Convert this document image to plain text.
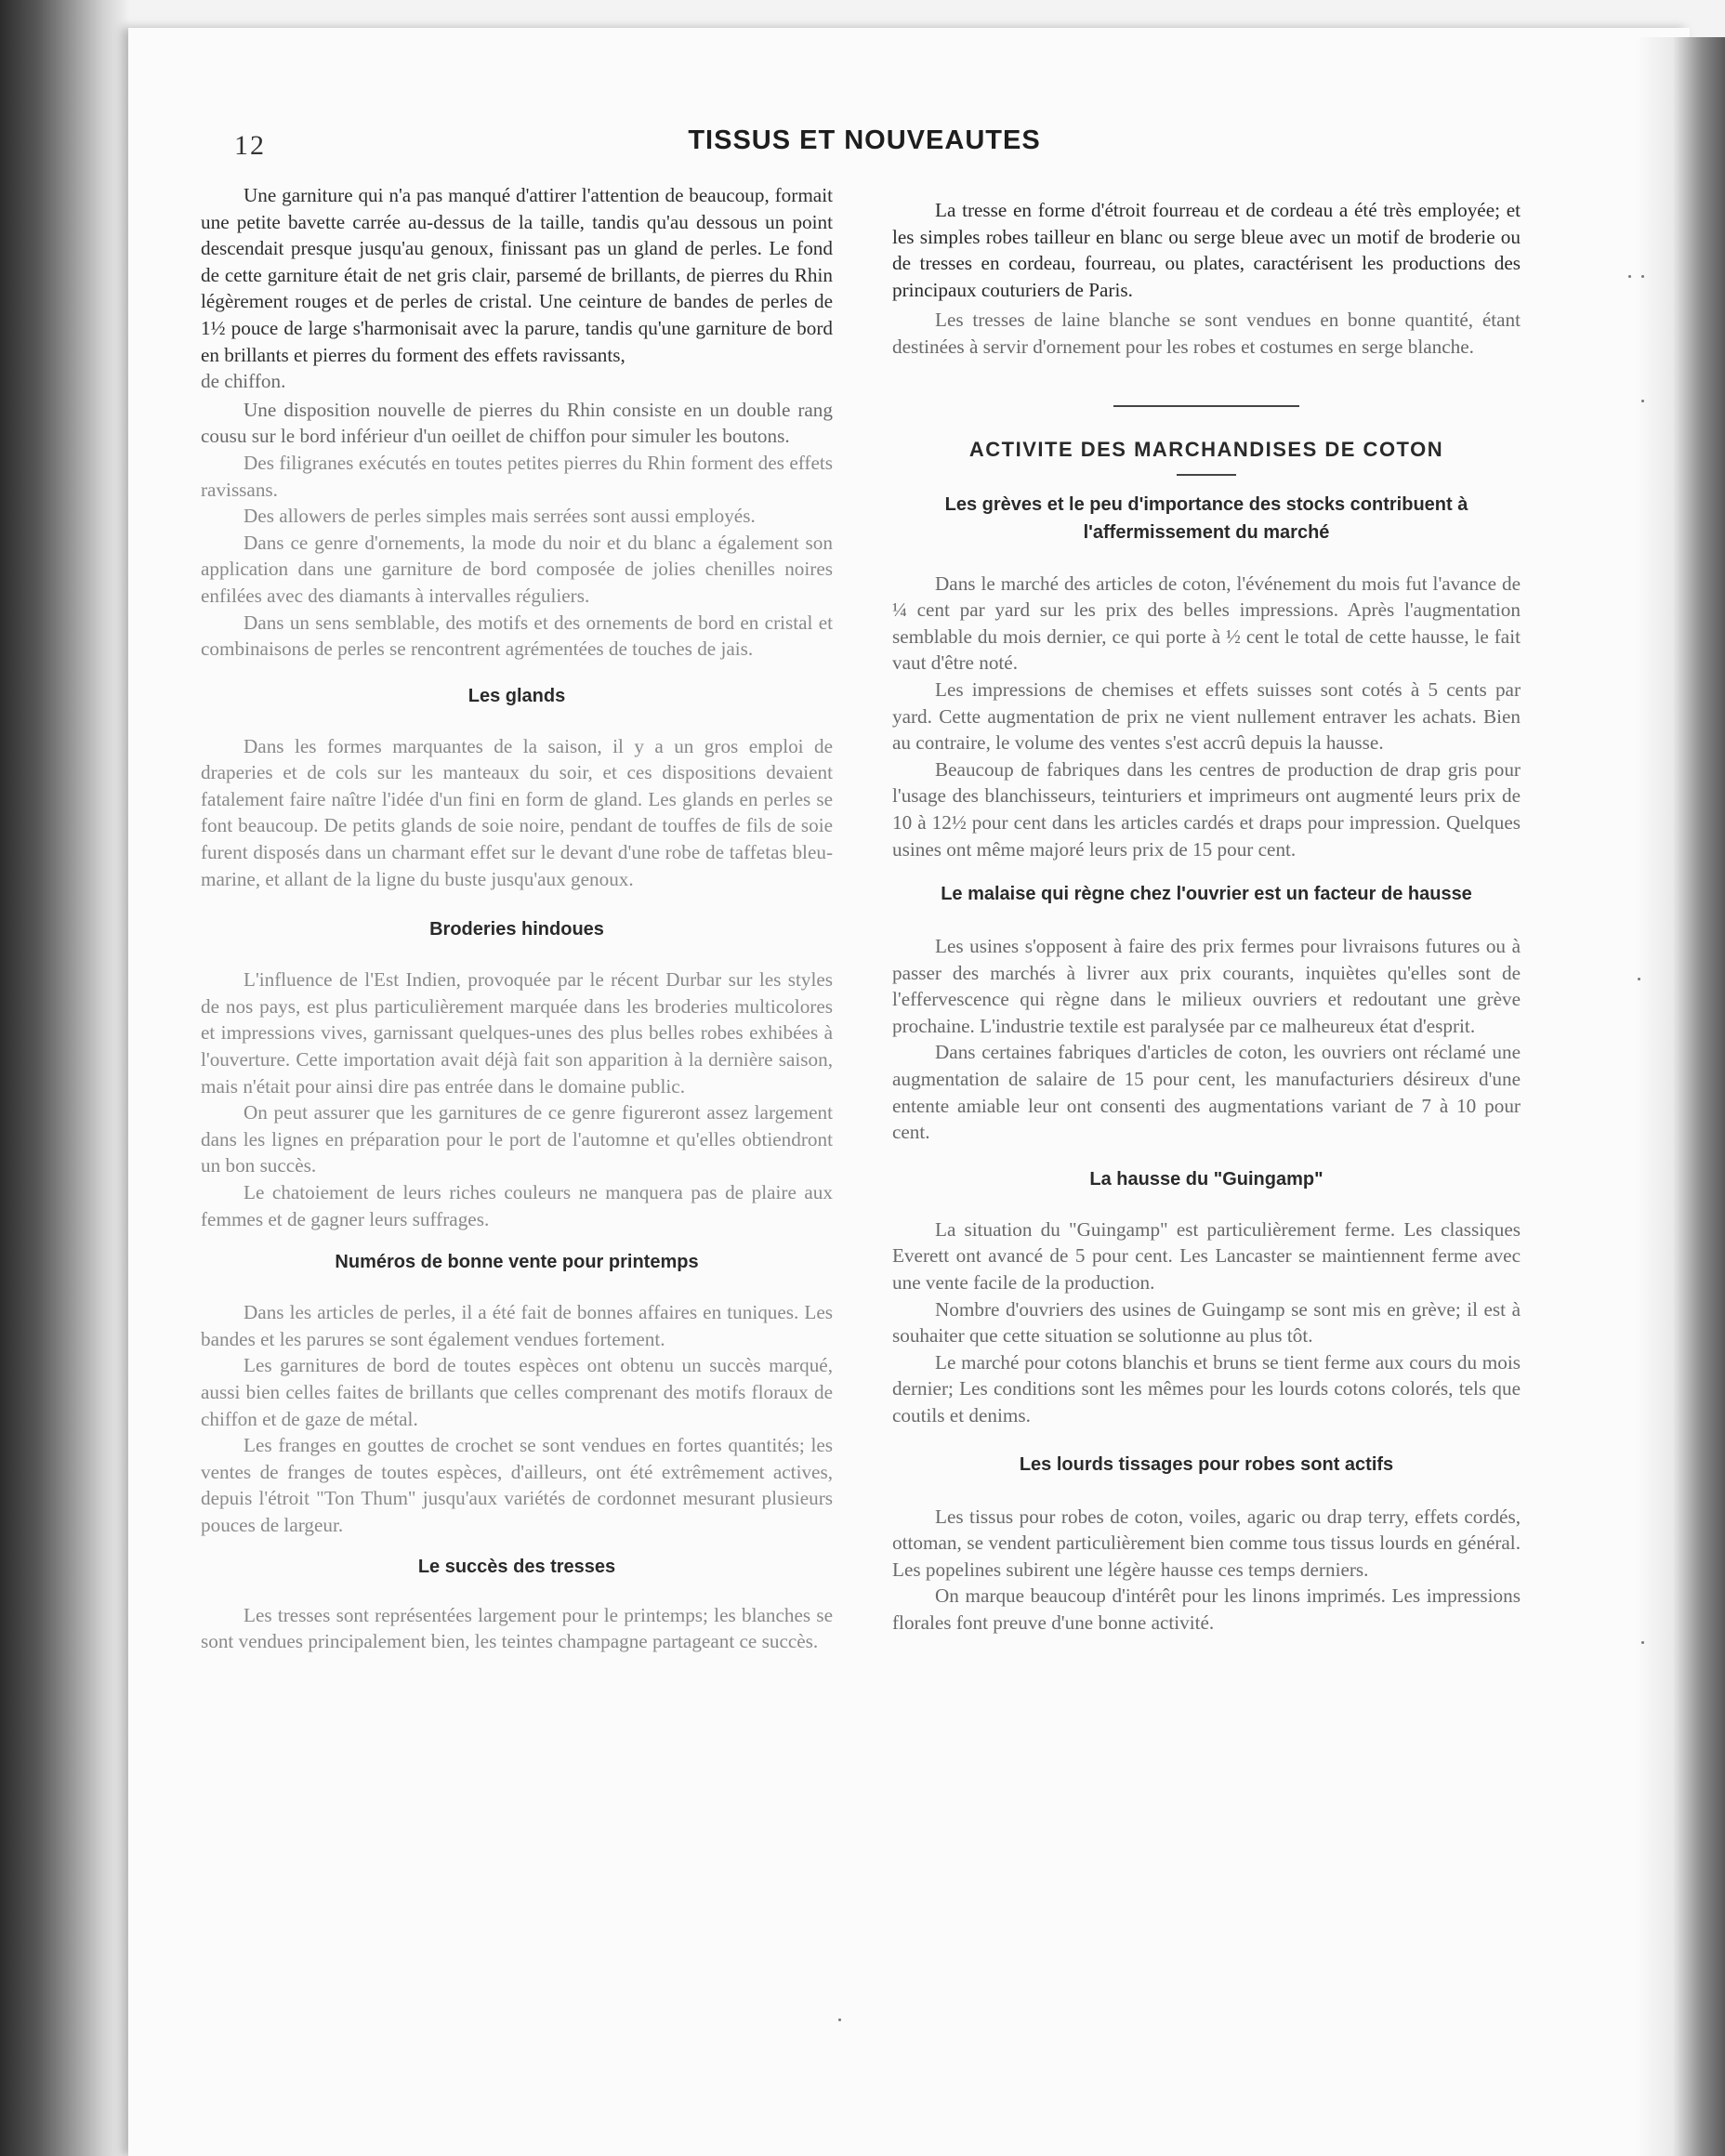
12	TISSUS ET NOUVEAUTES

Une garniture qui n'a pas manqué d'attirer l'attention de beaucoup, formait une petite bavette carrée au-dessus de la taille, tandis qu'au dessous un point descendait presque jusqu'au genoux, finissant pas un gland de perles. Le fond de cette garniture était de net gris clair, parsemé de brillants, de pierres du Rhin légèrement rouges et de perles de cristal. Une ceinture de bandes de perles de 1½ pouce de large s'harmonisait avec la parure, tandis qu'une garniture de bord en brillants et pierres du forment des effets ravissants,

de chiffon.

Une disposition nouvelle de pierres du Rhin consiste en un double rang cousu sur le bord inférieur d'un oeillet de chiffon pour simuler les boutons.

Des filigranes exécutés en toutes petites pierres du Rhin forment des effets ravissans.

Des allowers de perles simples mais serrées sont aussi employés.

Dans ce genre d'ornements, la mode du noir et du blanc a également son application dans une garniture de bord composée de jolies chenilles noires enfilées avec des diamants à intervalles réguliers.

Dans un sens semblable, des motifs et des ornements de bord en cristal et combinaisons de perles se rencontrent agrémentées de touches de jais.

Les glands

Dans les formes marquantes de la saison, il y a un gros emploi de draperies et de cols sur les manteaux du soir, et ces dispositions devaient fatalement faire naître l'idée d'un fini en form de gland. Les glands en perles se font beaucoup. De petits glands de soie noire, pendant de touffes de fils de soie furent disposés dans un charmant effet sur le devant d'une robe de taffetas bleu-marine, et allant de la ligne du buste jusqu'aux genoux.

Broderies hindoues

L'influence de l'Est Indien, provoquée par le récent Durbar sur les styles de nos pays, est plus particulièrement marquée dans les broderies multicolores et impressions vives, garnissant quelques-unes des plus belles robes exhibées à l'ouverture. Cette importation avait déjà fait son apparition à la dernière saison, mais n'était pour ainsi dire pas entrée dans le domaine public.

On peut assurer que les garnitures de ce genre figureront assez largement dans les lignes en préparation pour le port de l'automne et qu'elles obtiendront un bon succès.

Le chatoiement de leurs riches couleurs ne manquera pas de plaire aux femmes et de gagner leurs suffrages.

Numéros de bonne vente pour printemps

Dans les articles de perles, il a été fait de bonnes affaires en tuniques. Les bandes et les parures se sont également vendues fortement.

Les garnitures de bord de toutes espèces ont obtenu un succès marqué, aussi bien celles faites de brillants que celles comprenant des motifs floraux de chiffon et de gaze de métal.

Les franges en gouttes de crochet se sont vendues en fortes quantités; les ventes de franges de toutes espèces, d'ailleurs, ont été extrêmement actives, depuis l'étroit "Ton Thum" jusqu'aux variétés de cordonnet mesurant plusieurs pouces de largeur.

Le succès des tresses

Les tresses sont représentées largement pour le printemps; les blanches se sont vendues principalement bien, les teintes champagne partageant ce succès.

La tresse en forme d'étroit fourreau et de cordeau a été très employée; et les simples robes tailleur en blanc ou serge bleue avec un motif de broderie ou de tresses en cordeau, fourreau, ou plates, caractérisent les productions des principaux couturiers de Paris.

Les tresses de laine blanche se sont vendues en bonne quantité, étant destinées à servir d'ornement pour les robes et costumes en serge blanche.

ACTIVITE DES MARCHANDISES DE COTON
Les grèves et le peu d'importance des stocks contribuent à l'affermissement du marché

Dans le marché des articles de coton, l'événement du mois fut l'avance de ¼ cent par yard sur les prix des belles impressions. Après l'augmentation semblable du mois dernier, ce qui porte à ½ cent le total de cette hausse, le fait vaut d'être noté.

Les impressions de chemises et effets suisses sont cotés à 5 cents par yard. Cette augmentation de prix ne vient nullement entraver les achats. Bien au contraire, le volume des ventes s'est accrû depuis la hausse.

Beaucoup de fabriques dans les centres de production de drap gris pour l'usage des blanchisseurs, teinturiers et imprimeurs ont augmenté leurs prix de 10 à 12½ pour cent dans les articles cardés et draps pour impression. Quelques usines ont même majoré leurs prix de 15 pour cent.

Le malaise qui règne chez l'ouvrier est un facteur de hausse

Les usines s'opposent à faire des prix fermes pour livraisons futures ou à passer des marchés à livrer aux prix courants, inquiètes qu'elles sont de l'effervescence qui règne dans le milieux ouvriers et redoutant une grève prochaine. L'industrie textile est paralysée par ce malheureux état d'esprit.

Dans certaines fabriques d'articles de coton, les ouvriers ont réclamé une augmentation de salaire de 15 pour cent, les manufacturiers désireux d'une entente amiable leur ont consenti des augmentations variant de 7 à 10 pour cent.

La hausse du "Guingamp"

La situation du "Guingamp" est particulièrement ferme. Les classiques Everett ont avancé de 5 pour cent. Les Lancaster se maintiennent ferme avec une vente facile de la production.

Nombre d'ouvriers des usines de Guingamp se sont mis en grève; il est à souhaiter que cette situation se solutionne au plus tôt.

Le marché pour cotons blanchis et bruns se tient ferme aux cours du mois dernier; Les conditions sont les mêmes pour les lourds cotons colorés, tels que coutils et denims.

Les lourds tissages pour robes sont actifs

Les tissus pour robes de coton, voiles, agaric ou drap terry, effets cordés, ottoman, se vendent particulièrement bien comme tous tissus lourds en général. Les popelines subirent une légère hausse ces temps derniers.

On marque beaucoup d'intérêt pour les linons imprimés. Les impressions florales font preuve d'une bonne activité.
